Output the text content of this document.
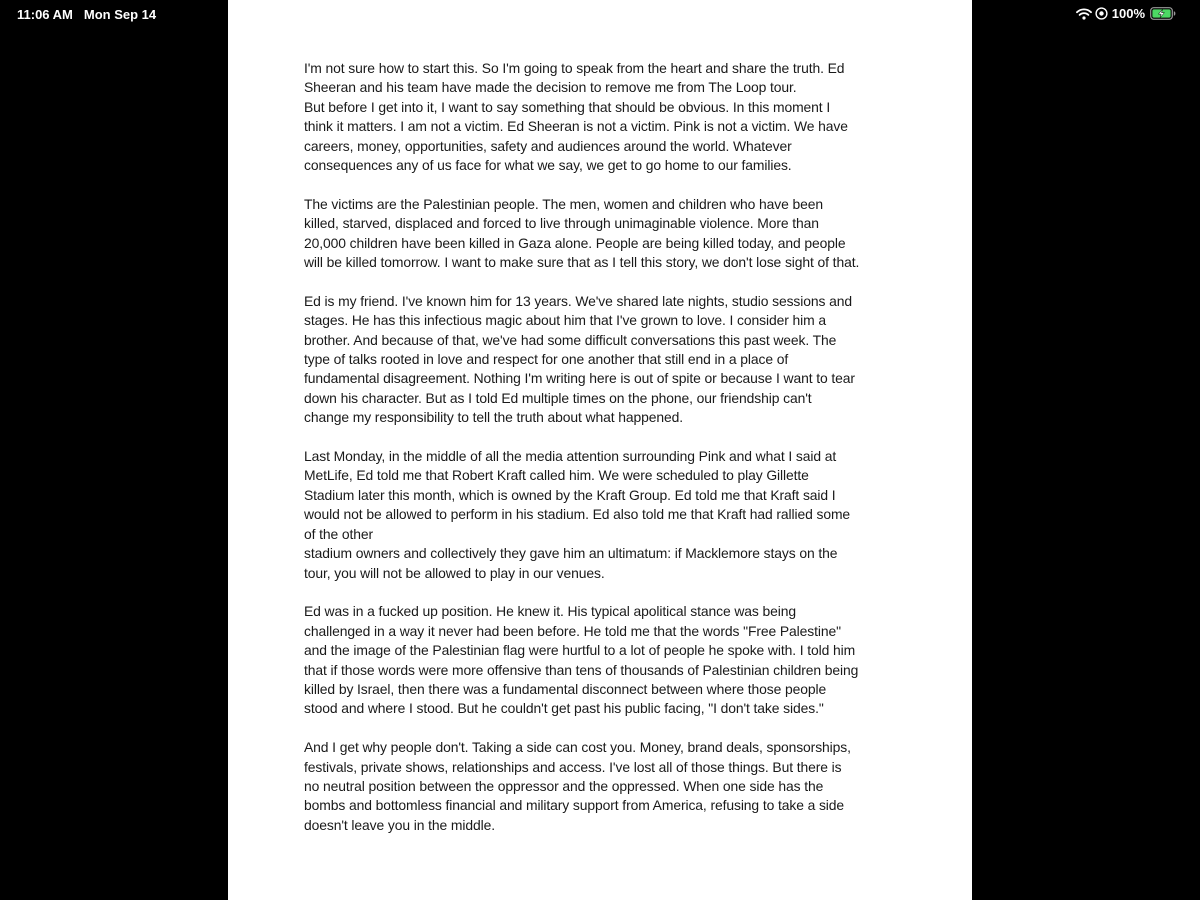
11:06 AM Mon Sep 14	100%
I'm not sure how to start this. So I'm going to speak from the heart and share the truth. Ed
Sheeran and his team have made the decision to remove me from The Loop tour.
But before I get into it, I want to say something that should be obvious. In this moment I
think it matters. I am not a victim. Ed Sheeran is not a victim. Pink is not a victim. We have
careers, money, opportunities, safety and audiences around the world. Whatever
consequences any of us face for what we say, we get to go home to our families.
The victims are the Palestinian people. The men, women and children who have been
killed, starved, displaced and forced to live through unimaginable violence. More than
20,000 children have been killed in Gaza alone. People are being killed today, and people
will be killed tomorrow. I want to make sure that as I tell this story, we don't lose sight of that.
Ed is my friend. I've known him for 13 years. We've shared late nights, studio sessions and
stages. He has this infectious magic about him that I've grown to love. I consider him a
brother. And because of that, we've had some difficult conversations this past week. The
type of talks rooted in love and respect for one another that still end in a place of
fundamental disagreement. Nothing I'm writing here is out of spite or because I want to tear
down his character. But as I told Ed multiple times on the phone, our friendship can't
change my responsibility to tell the truth about what happened.
Last Monday, in the middle of all the media attention surrounding Pink and what I said at
MetLife, Ed told me that Robert Kraft called him. We were scheduled to play Gillette
Stadium later this month, which is owned by the Kraft Group. Ed told me that Kraft said I
would not be allowed to perform in his stadium. Ed also told me that Kraft had rallied some
of the other
stadium owners and collectively they gave him an ultimatum: if Macklemore stays on the
tour, you will not be allowed to play in our venues.
Ed was in a fucked up position. He knew it. His typical apolitical stance was being
challenged in a way it never had been before. He told me that the words "Free Palestine"
and the image of the Palestinian flag were hurtful to a lot of people he spoke with. I told him
that if those words were more offensive than tens of thousands of Palestinian children being
killed by Israel, then there was a fundamental disconnect between where those people
stood and where I stood. But he couldn't get past his public facing, "I don't take sides."
And I get why people don't. Taking a side can cost you. Money, brand deals, sponsorships,
festivals, private shows, relationships and access. I've lost all of those things. But there is
no neutral position between the oppressor and the oppressed. When one side has the
bombs and bottomless financial and military support from America, refusing to take a side
doesn't leave you in the middle.
